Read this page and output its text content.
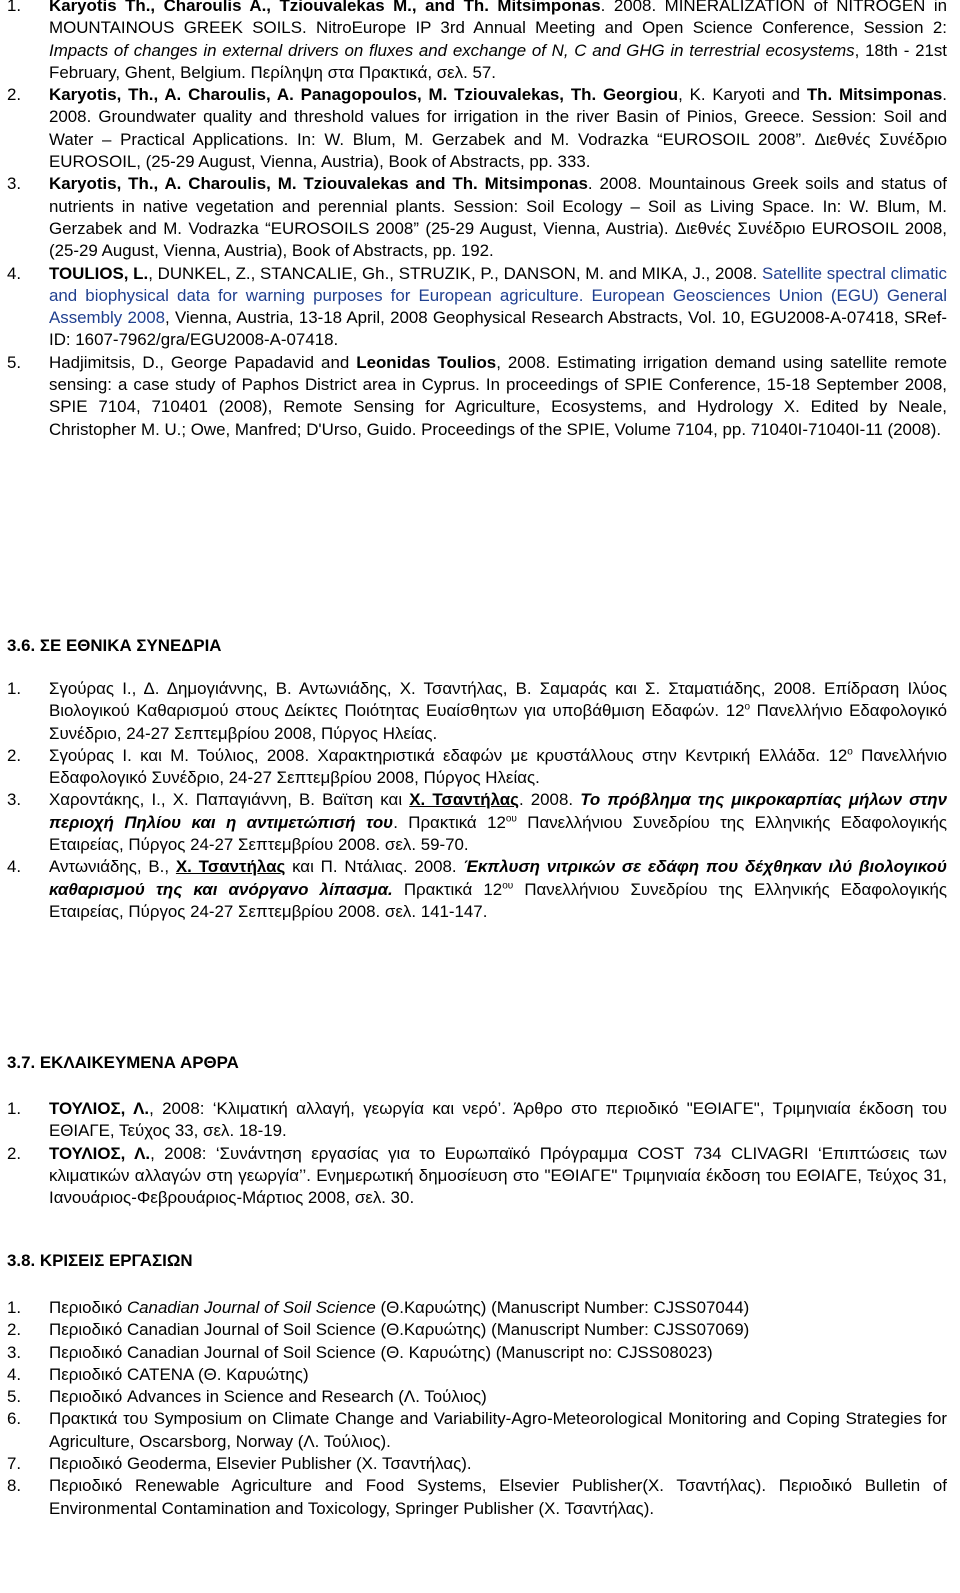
1. Karyotis Th., Charoulis A., Tziouvalekas M., and Th. Mitsimponas. 2008. MINERALIZATION of NITROGEN in MOUNTAINOUS GREEK SOILS. NitroEurope IP 3rd Annual Meeting and Open Science Conference, Session 2: Impacts of changes in external drivers on fluxes and exchange of N, C and GHG in terrestrial ecosystems, 18th - 21st February, Ghent, Belgium. Περίληψη στα Πρακτικά, σελ. 57.
2. Karyotis, Th., A. Charoulis, A. Panagopoulos, M. Tziouvalekas, Th. Georgiou, K. Karyoti and Th. Mitsimponas. 2008. Groundwater quality and threshold values for irrigation in the river Basin of Pinios, Greece. Session: Soil and Water – Practical Applications. In: W. Blum, M. Gerzabek and M. Vodrazka “EUROSOIL 2008”. Διεθνές Συνέδριο EUROSOIL, (25-29 August, Vienna, Austria), Book of Abstracts, pp. 333.
3. Karyotis, Th., A. Charoulis, M. Tziouvalekas and Th. Mitsimponas. 2008. Mountainous Greek soils and status of nutrients in native vegetation and perennial plants. Session: Soil Ecology – Soil as Living Space. In: W. Blum, M. Gerzabek and M. Vodrazka “EUROSOILS 2008” (25-29 August, Vienna, Austria). Διεθνές Συνέδριο EUROSOIL 2008, (25-29 August, Vienna, Austria), Book of Abstracts, pp. 192.
4. TOULIOS, L., DUNKEL, Z., STANCALIE, Gh., STRUZIK, P., DANSON, M. and MIKA, J., 2008. Satellite spectral climatic and biophysical data for warning purposes for European agriculture. European Geosciences Union (EGU) General Assembly 2008, Vienna, Austria, 13-18 April, 2008 Geophysical Research Abstracts, Vol. 10, EGU2008-A-07418, SRef-ID: 1607-7962/gra/EGU2008-A-07418.
5. Hadjimitsis, D., George Papadavid and Leonidas Toulios, 2008. Estimating irrigation demand using satellite remote sensing: a case study of Paphos District area in Cyprus. In proceedings of SPIE Conference, 15-18 September 2008, SPIE 7104, 710401 (2008), Remote Sensing for Agriculture, Ecosystems, and Hydrology X. Edited by Neale, Christopher M. U.; Owe, Manfred; D'Urso, Guido. Proceedings of the SPIE, Volume 7104, pp. 71040I-71040I-11 (2008).
3.6. ΣΕ ΕΘΝΙΚΑ ΣΥΝΕΔΡΙΑ
1. Σγούρας Ι., Δ. Δημογιάννης, Β. Αντωνιάδης, Χ. Τσαντήλας, Β. Σαμαράς και Σ. Σταματιάδης, 2008. Επίδραση Ιλύος Βιολογικού Καθαρισμού στους Δείκτες Ποιότητας Ευαίσθητων για υποβάθμιση Εδαφών. $12^o$ Πανελλήνιο Εδαφολογικό Συνέδριο, 24-27 Σεπτεμβρίου 2008, Πύργος Ηλείας.
2. Σγούρας Ι. και Μ. Τούλιος, 2008. Χαρακτηριστικά εδαφών με κρυστάλλους στην Κεντρική Ελλάδα. $12^o$ Πανελλήνιο Εδαφολογικό Συνέδριο, 24-27 Σεπτεμβρίου 2008, Πύργος Ηλείας.
3. Χαροντάκης, Ι., Χ. Παπαγιάννη, Β. Βαϊτση και Χ. Τσαντήλας. 2008. Το πρόβλημα της μικροκαρπίας μήλων στην περιοχή Πηλίου και η αντιμετώπισή του. Πρακτικά $12^{o\upsilon}$ Πανελλήνιου Συνεδρίου της Ελληνικής Εδαφολογικής Εταιρείας, Πύργος 24-27 Σεπτεμβρίου 2008. σελ. 59-70.
4. Αντωνιάδης, Β., Χ. Τσαντήλας και Π. Ντάλιας. 2008. Έκπλυση νιτρικών σε εδάφη που δέχθηκαν ιλύ βιολογικού καθαρισμού της και ανόργανο λίπασμα. Πρακτικά $12^{o\upsilon}$ Πανελλήνιου Συνεδρίου της Ελληνικής Εδαφολογικής Εταιρείας, Πύργος 24-27 Σεπτεμβρίου 2008. σελ. 141-147.
3.7. ΕΚΛΑΙΚΕΥΜΕΝΑ ΑΡΘΡΑ
1. ΤΟΥΛΙΟΣ, Λ., 2008: ‘Κλιματική αλλαγή, γεωργία και νερό’. Άρθρο στο περιοδικό "ΕΘΙΑΓΕ", Τριμηνιαία έκδοση του ΕΘΙΑΓΕ, Τεύχος 33, σελ. 18-19.
2. ΤΟΥΛΙΟΣ, Λ., 2008: ‘Συνάντηση εργασίας για το Ευρωπαϊκό Πρόγραμμα COST 734 CLIVAGRI ‘Επιπτώσεις των κλιματικών αλλαγών στη γεωργία’’. Ενημερωτική δημοσίευση στο "ΕΘΙΑΓΕ" Τριμηνιαία έκδοση του ΕΘΙΑΓΕ, Τεύχος 31, Ιανουάριος-Φεβρουάριος-Μάρτιος 2008, σελ. 30.
3.8. ΚΡΙΣΕΙΣ ΕΡΓΑΣΙΩΝ
1. Περιοδικό Canadian Journal of Soil Science (Θ.Καρυώτης) (Manuscript Number: CJSS07044)
2. Περιοδικό Canadian Journal of Soil Science (Θ.Καρυώτης) (Manuscript Number: CJSS07069)
3. Περιοδικό Canadian Journal of Soil Science (Θ. Καρυώτης) (Manuscript no: CJSS08023)
4. Περιοδικό CATENA (Θ. Καρυώτης)
5. Περιοδικό Advances in Science and Research (Λ. Τούλιος)
6. Πρακτικά του Symposium on Climate Change and Variability-Agro-Meteorological Monitoring and Coping Strategies for Agriculture, Oscarsborg, Norway (Λ. Τούλιος).
7. Περιοδικό Geoderma, Elsevier Publisher (Χ. Τσαντήλας).
8. Περιοδικό Renewable Agriculture and Food Systems, Elsevier Publisher(Χ. Τσαντήλας). Περιοδικό Bulletin of Environmental Contamination and Toxicology, Springer Publisher (Χ. Τσαντήλας).
